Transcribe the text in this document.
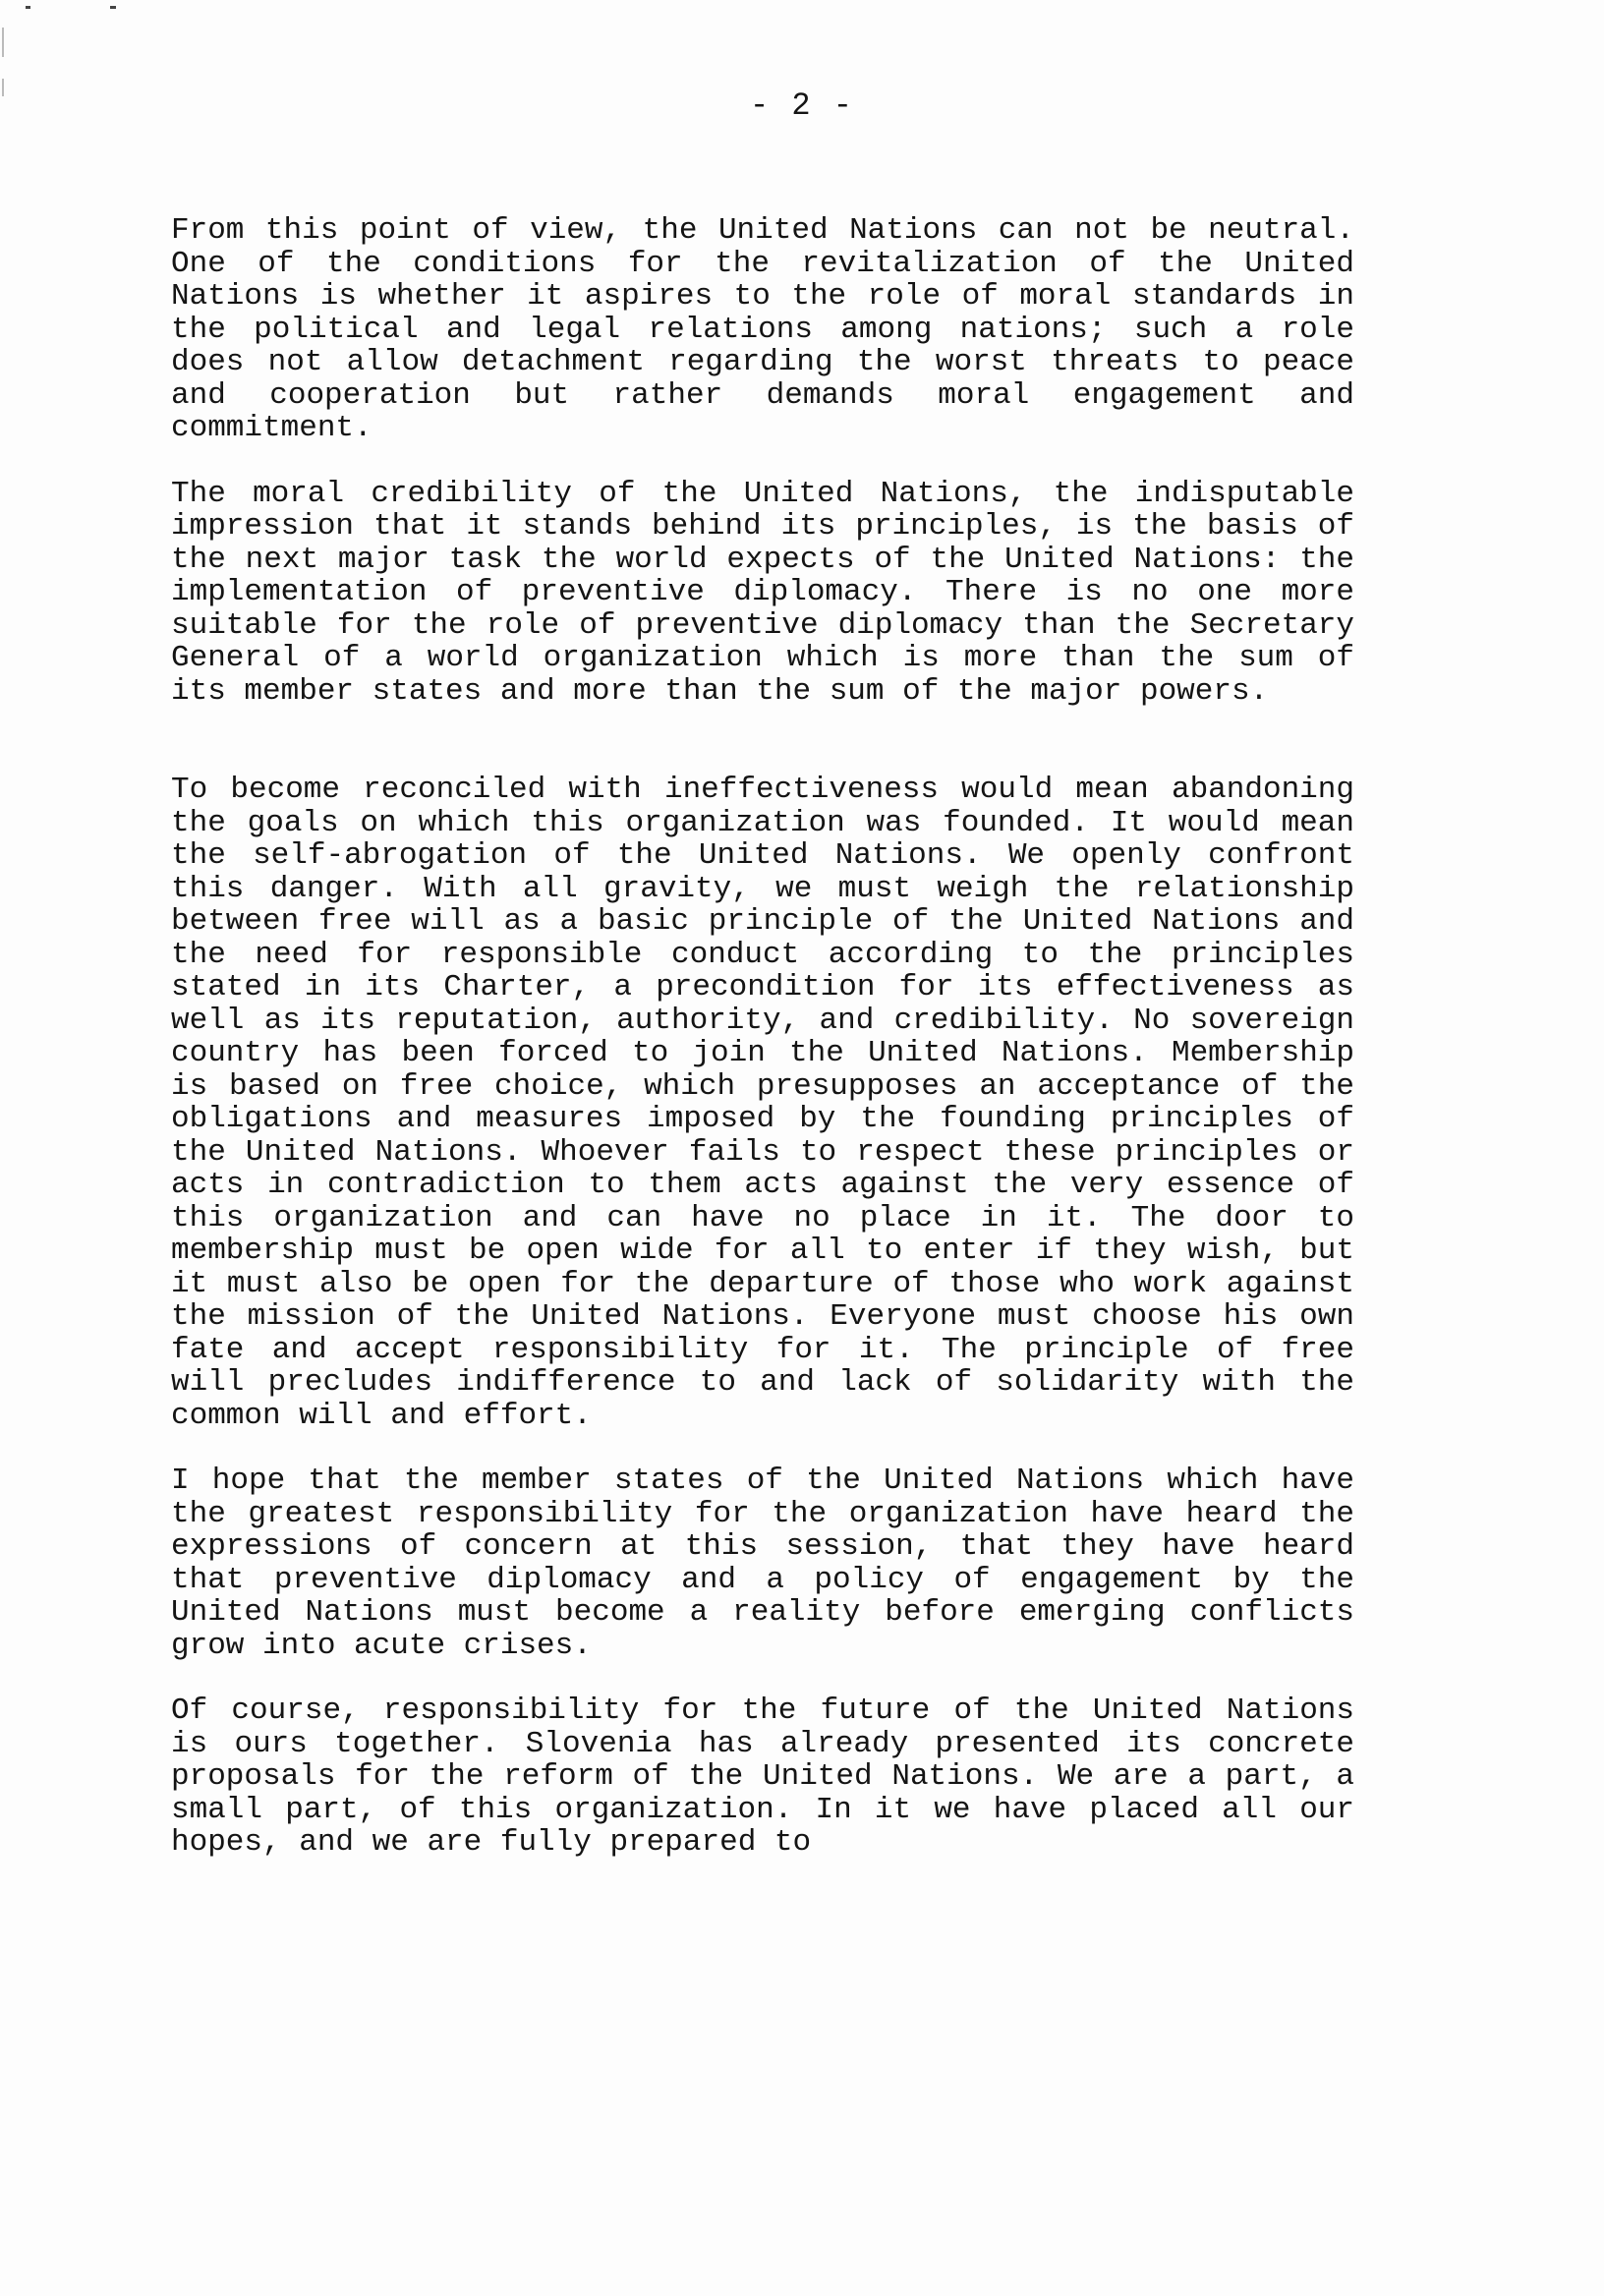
- 2 -

From this point of view, the United Nations can not be neutral. One of the conditions for the revitalization of the United Nations is whether it aspires to the role of moral standards in the political and legal relations among nations; such a role does not allow detachment regarding the worst threats to peace and cooperation but rather demands moral engagement and commitment.

The moral credibility of the United Nations, the indisputable impression that it stands behind its principles, is the basis of the next major task the world expects of the United Nations: the implementation of preventive diplomacy. There is no one more suitable for the role of preventive diplomacy than the Secretary General of a world organization which is more than the sum of its member states and more than the sum of the major powers.

To become reconciled with ineffectiveness would mean abandoning the goals on which this organization was founded. It would mean the self-abrogation of the United Nations. We openly confront this danger. With all gravity, we must weigh the relationship between free will as a basic principle of the United Nations and the need for responsible conduct according to the principles stated in its Charter, a precondition for its effectiveness as well as its reputation, authority, and credibility. No sovereign country has been forced to join the United Nations. Membership is based on free choice, which presupposes an acceptance of the obligations and measures imposed by the founding principles of the United Nations. Whoever fails to respect these principles or acts in contradiction to them acts against the very essence of this organization and can have no place in it. The door to membership must be open wide for all to enter if they wish, but it must also be open for the departure of those who work against the mission of the United Nations. Everyone must choose his own fate and accept responsibility for it. The principle of free will precludes indifference to and lack of solidarity with the common will and effort.

I hope that the member states of the United Nations which have the greatest responsibility for the organization have heard the expressions of concern at this session, that they have heard that preventive diplomacy and a policy of engagement by the United Nations must become a reality before emerging conflicts grow into acute crises.

Of course, responsibility for the future of the United Nations is ours together. Slovenia has already presented its concrete proposals for the reform of the United Nations. We are a part, a small part, of this organization. In it we have placed all our hopes, and we are fully prepared to
